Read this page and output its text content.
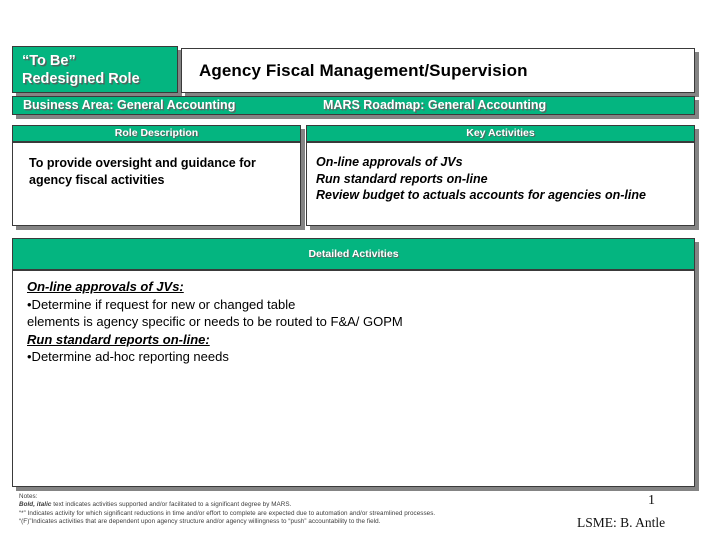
“To Be”
Redesigned Role	Agency Fiscal Management/Supervision
Business Area: General Accounting	MARS Roadmap: General Accounting
Role Description
To provide oversight and guidance for agency fiscal activities
Key Activities
On-line approvals of JVs
Run standard reports on-line
Review budget to actuals accounts for agencies on-line
Detailed Activities
On-line approvals of JVs:
•Determine if request for new or changed table
elements is agency specific or needs to be routed to F&A/ GOPM
Run standard reports on-line:
•Determine ad-hoc reporting needs
Notes:
Bold, italic text indicates activities supported and/or facilitated to a significant degree by MARS.
“*” Indicates activity for which significant reductions in time and/or effort to complete are expected due to automation and/or streamlined processes.
“(F)”Indicates activities that are dependent upon agency structure and/or agency willingness to “push” accountability to the field.
1
LSME: B. Antle
